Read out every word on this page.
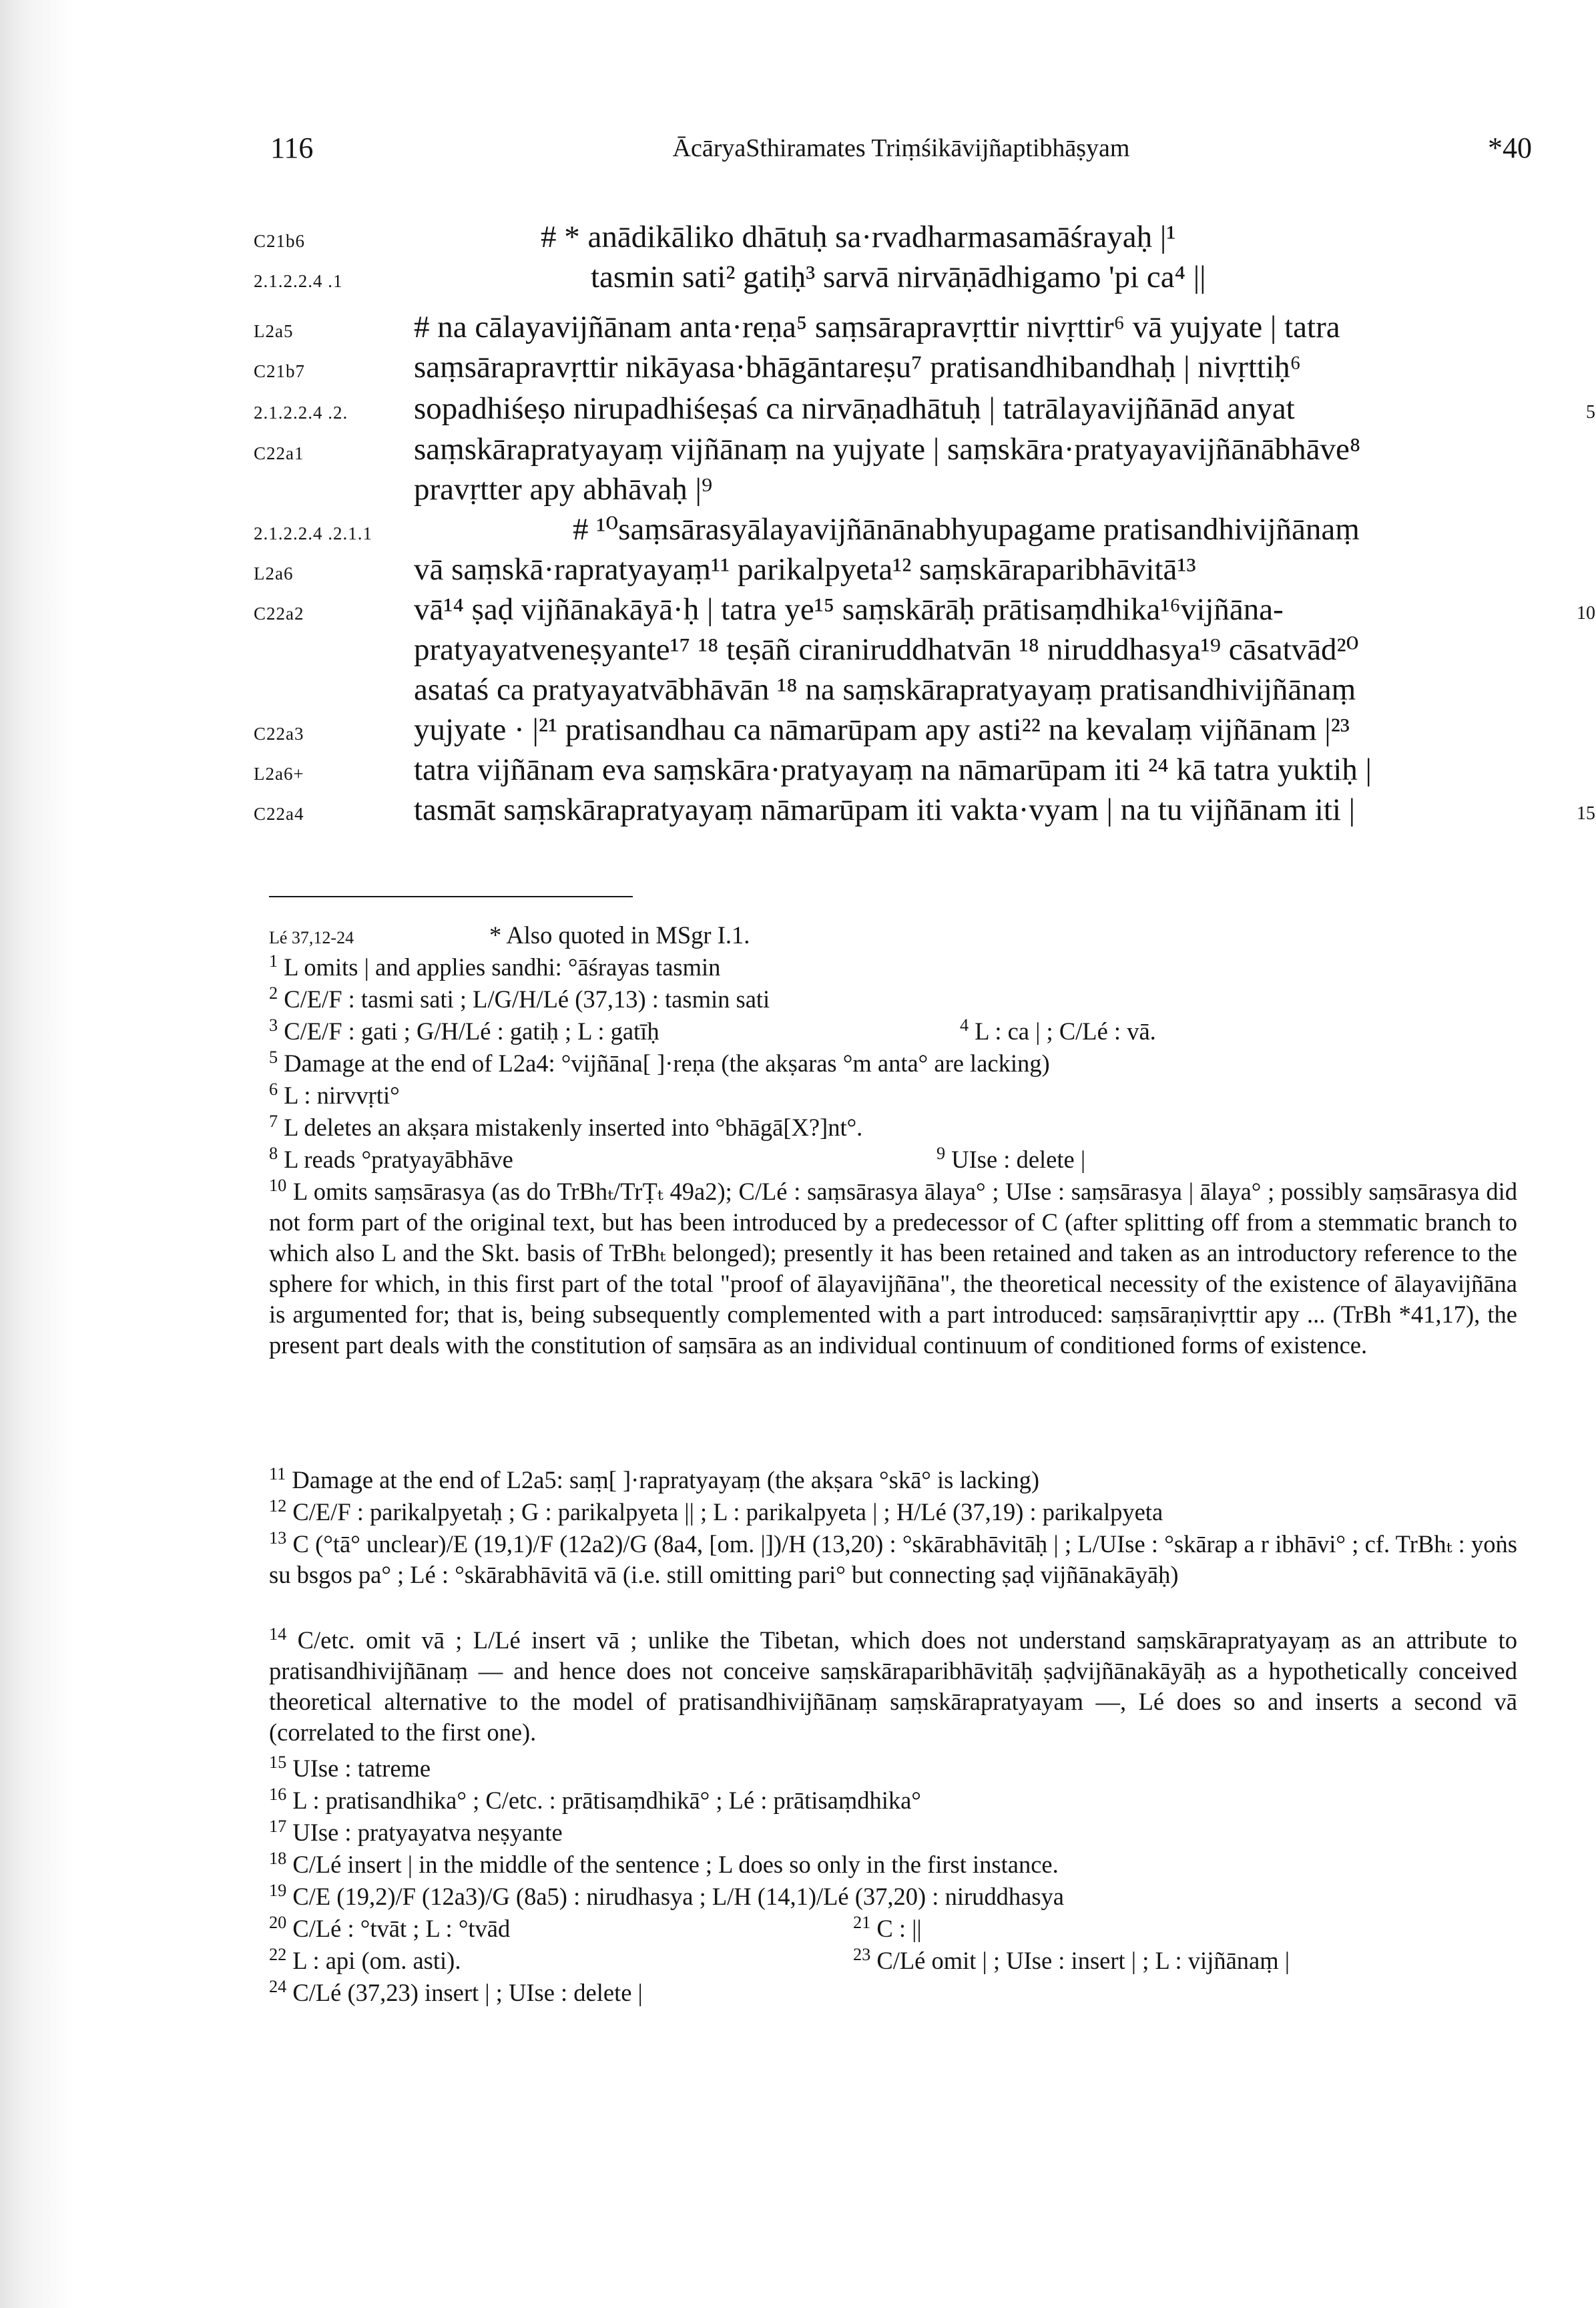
116	ĀcāryaSthiramates Triṃśikāvijñaptibhāṣyam	*40
C21b6	# * anādikāliko dhātuḥ sa·rvadharmasamāśrayaḥ |¹
2.1.2.2.4 .1	tasmin sati² gatiḥ³ sarvā nirvāṇādhigamo 'pi ca⁴ ||
L2a5	# na cālayavijñānam anta·reṇa⁵ saṃsārapravṛttir nivṛttir⁶ vā yujyate | tatra
C21b7	saṃsārapravṛttir nikāyasa·bhāgāntareṣu⁷ pratisandhibandhaḥ | nivṛttiḥ⁶
2.1.2.2.4 .2.	sopadhiśeṣo nirupadhiśeṣaś ca nirvāṇadhātuḥ | tatrālayavijñānād anyat	5
C22a1	saṃskārapratyayaṃ vijñānaṃ na yujyate | saṃskāra·pratyayavijñānābhāve⁸
pravṛtter apy abhāvaḥ |⁹
2.1.2.2.4 .2.1.1	# ¹⁰saṃsārasyālayavijñānānabhyupagame pratisandhivijñānaṃ
L2a6	vā saṃskā·rapratyayaṃ¹¹ parikalpyeta¹² saṃskāraparibhāvitā¹³
C22a2	vā¹⁴ ṣaḍ vijñānakāyā·ḥ | tatra ye¹⁵ saṃskārāḥ prātisaṃdhika¹⁶vijñāna-	10
pratyayatveneṣyante¹⁷ ¹⁸ teṣāñ ciraniruddhatvān ¹⁸ niruddhasya¹⁹ cāsatvād²⁰
asataś ca pratyayatvābhāvān ¹⁸ na saṃskārapratyayaṃ pratisandhivijñānaṃ
C22a3	yujyate · |²¹ pratisandhau ca nāmarūpam apy asti²² na kevalaṃ vijñānam |²³
L2a6+	tatra vijñānam eva saṃskāra·pratyayaṃ na nāmarūpam iti ²⁴ kā tatra yuktiḥ |
C22a4	tasmāt saṃskārapratyayaṃ nāmarūpam iti vakta·vyam | na tu vijñānam iti |	15
Lé 37,12-24	* Also quoted in MSgr I.1.
$^1$ L omits | and applies sandhi: °āśrayas tasmin
$^2$ C/E/F : tasmi sati ; L/G/H/Lé (37,13) : tasmin sati
$^3$ C/E/F : gati ; G/H/Lé : gatiḥ ; L : gatīḥ	$^4$ L : ca | ; C/Lé : vā.
$^5$ Damage at the end of L2a4: °vijñāna[ ]·reṇa (the akṣaras °m anta° are lacking)
$^6$ L : nirvvṛti°
$^7$ L deletes an akṣara mistakenly inserted into °bhāgā[X?]nt°.
$^8$ L reads °pratyayābhāve	$^9$ UIse : delete |
$^{10}$ L omits saṃsārasya (as do TrBhₜ/TrṬₜ 49a2); C/Lé : saṃsārasya ālaya° ; UIse : saṃsārasya | ālaya° ; possibly saṃsārasya did not form part of the original text, but has been introduced by a predecessor of C (after splitting off from a stemmatic branch to which also L and the Skt. basis of TrBhₜ belonged); presently it has been retained and taken as an introductory reference to the sphere for which, in this first part of the total "proof of ālayavijñāna", the theoretical necessity of the existence of ālayavijñāna is argumented for; that is, being subsequently complemented with a part introduced: saṃsāraṇivṛttir apy ... (TrBh *41,17), the present part deals with the constitution of saṃsāra as an individual continuum of conditioned forms of existence.
$^{11}$ Damage at the end of L2a5: saṃ[ ]·rapratyayaṃ (the akṣara °skā° is lacking)
$^{12}$ C/E/F : parikalpyetaḥ ; G : parikalpyeta || ; L : parikalpyeta | ; H/Lé (37,19) : parikalpyeta
$^{13}$ C (°tā° unclear)/E (19,1)/F (12a2)/G (8a4, [om. |])/H (13,20) : °skārabhāvitāḥ | ; L/UIse : °skārap a r ibhāvi° ; cf. TrBhₜ : yoṅs su bsgos pa° ; Lé : °skārabhāvitā vā (i.e. still omitting pari° but connecting ṣaḍ vijñānakāyāḥ)
$^{14}$ C/etc. omit vā ; L/Lé insert vā ; unlike the Tibetan, which does not understand saṃskārapratyayaṃ as an attribute to pratisandhivijñānaṃ — and hence does not conceive saṃskāraparibhāvitāḥ ṣaḍvijñānakāyāḥ as a hypothetically conceived theoretical alternative to the model of pratisandhivijñānaṃ saṃskārapratyayam —, Lé does so and inserts a second vā (correlated to the first one).
$^{15}$ UIse : tatreme
$^{16}$ L : pratisandhika° ; C/etc. : prātisaṃdhikā° ; Lé : prātisaṃdhika°
$^{17}$ UIse : pratyayatva neṣyante
$^{18}$ C/Lé insert | in the middle of the sentence ; L does so only in the first instance.
$^{19}$ C/E (19,2)/F (12a3)/G (8a5) : nirudhasya ; L/H (14,1)/Lé (37,20) : niruddhasya
$^{20}$ C/Lé : °tvāt ; L : °tvād	$^{21}$ C : ||
$^{22}$ L : api (om. asti).	$^{23}$ C/Lé omit | ; UIse : insert | ; L : vijñānaṃ |
$^{24}$ C/Lé (37,23) insert | ; UIse : delete |
